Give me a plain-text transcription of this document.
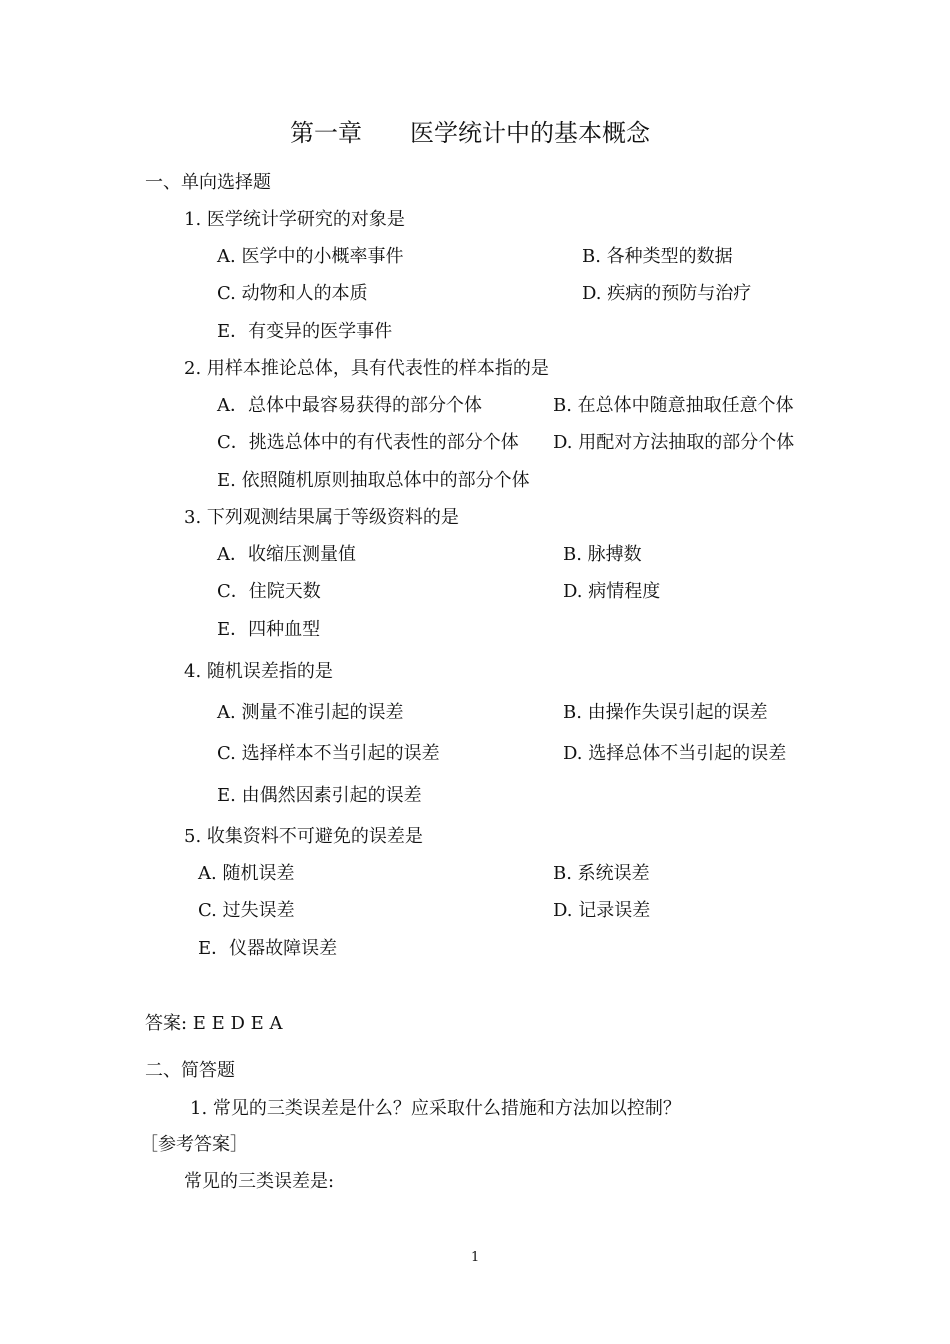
第一章　　医学统计中的基本概念
一、单向选择题
1. 医学统计学研究的对象是
A. 医学中的小概率事件	B. 各种类型的数据
C. 动物和人的本质	D. 疾病的预防与治疗
E．有变异的医学事件
2. 用样本推论总体，具有代表性的样本指的是
A．总体中最容易获得的部分个体	B. 在总体中随意抽取任意个体
C．挑选总体中的有代表性的部分个体 D. 用配对方法抽取的部分个体
E. 依照随机原则抽取总体中的部分个体
3. 下列观测结果属于等级资料的是
A．收缩压测量值	B. 脉搏数
C．住院天数	D. 病情程度
E．四种血型
4. 随机误差指的是
A. 测量不准引起的误差	B. 由操作失误引起的误差
C. 选择样本不当引起的误差	D. 选择总体不当引起的误差
E. 由偶然因素引起的误差
5. 收集资料不可避免的误差是
A. 随机误差	B. 系统误差
C. 过失误差	D. 记录误差
E．仪器故障误差
答案: E E D E A
二、简答题
1. 常见的三类误差是什么？应采取什么措施和方法加以控制？
［参考答案］
常见的三类误差是:
1
